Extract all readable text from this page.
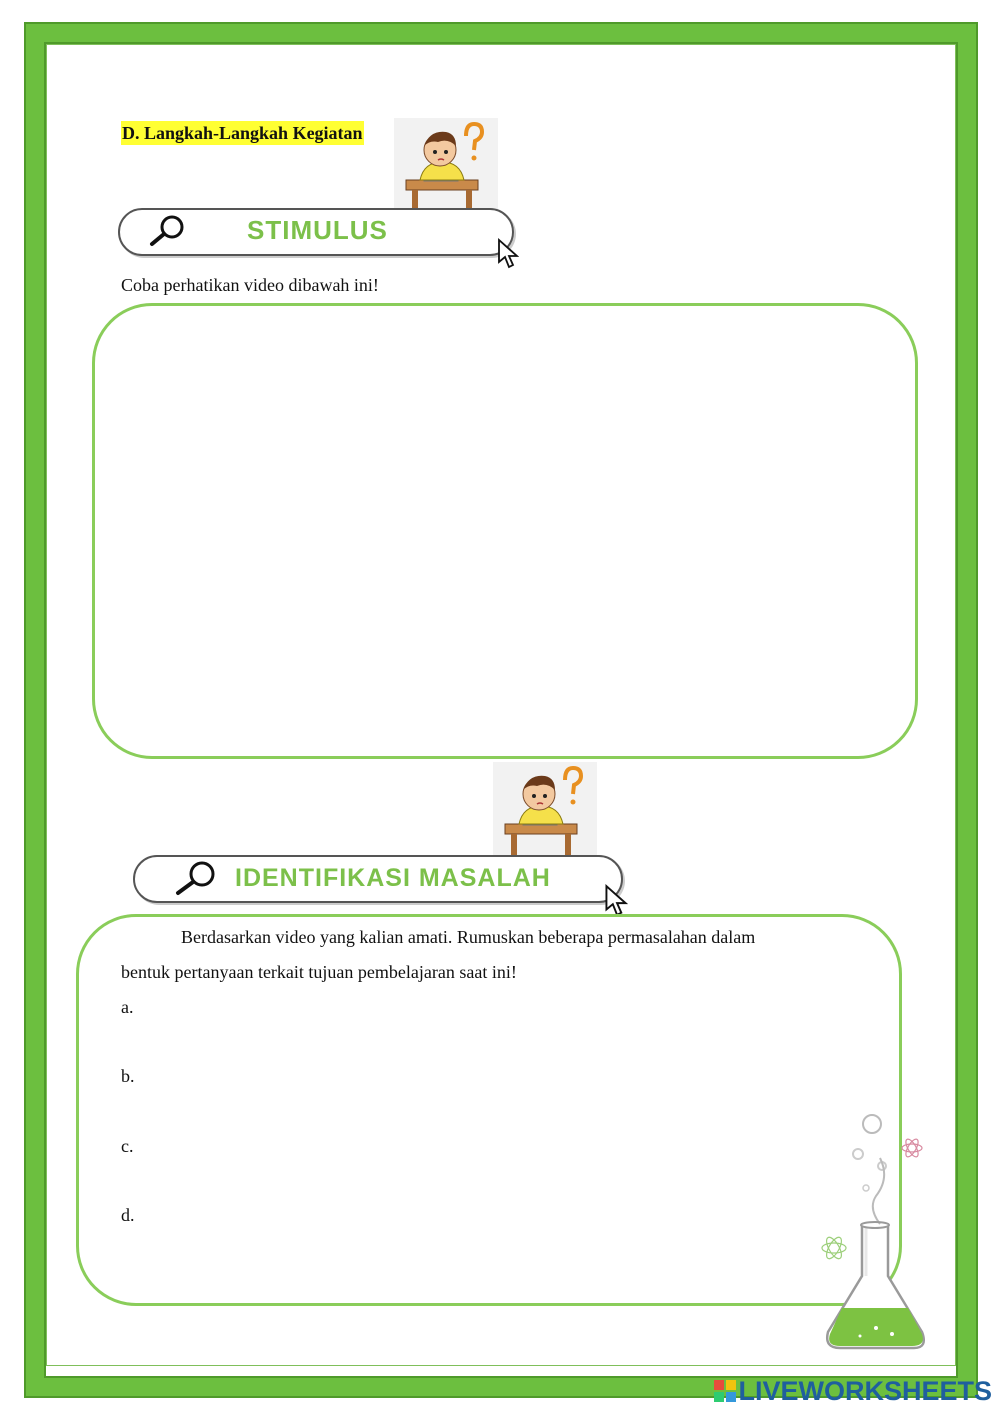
D. Langkah-Langkah Kegiatan
STIMULUS
Coba perhatikan video dibawah ini!
IDENTIFIKASI MASALAH
Berdasarkan video yang kalian amati. Rumuskan beberapa permasalahan dalam
bentuk pertanyaan terkait tujuan pembelajaran saat ini!
a.
b.
c.
d.
LIVEWORKSHEETS
